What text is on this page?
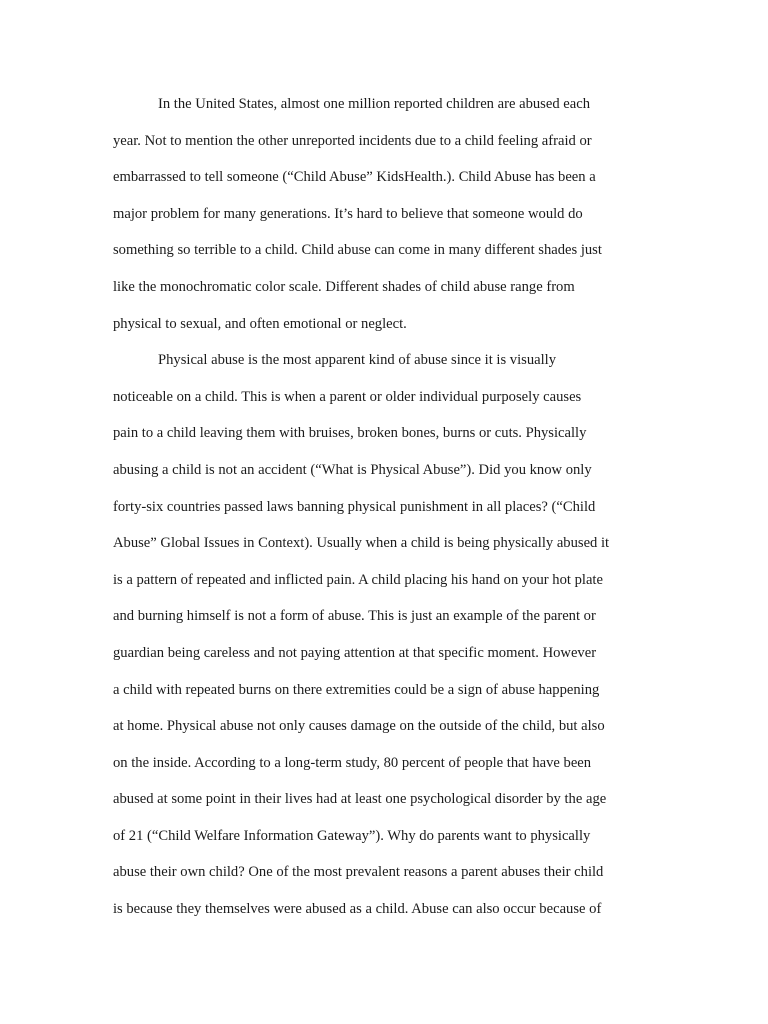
In the United States, almost one million reported children are abused each
year. Not to mention the other unreported incidents due to a child feeling afraid or
embarrassed to tell someone (“Child Abuse” KidsHealth.). Child Abuse has been a
major problem for many generations. It’s hard to believe that someone would do
something so terrible to a child. Child abuse can come in many different shades just
like the monochromatic color scale. Different shades of child abuse range from
physical to sexual, and often emotional or neglect.
Physical abuse is the most apparent kind of abuse since it is visually
noticeable on a child. This is when a parent or older individual purposely causes
pain to a child leaving them with bruises, broken bones, burns or cuts. Physically
abusing a child is not an accident (“What is Physical Abuse”). Did you know only
forty-six countries passed laws banning physical punishment in all places? (“Child
Abuse” Global Issues in Context). Usually when a child is being physically abused it
is a pattern of repeated and inflicted pain. A child placing his hand on your hot plate
and burning himself is not a form of abuse. This is just an example of the parent or
guardian being careless and not paying attention at that specific moment. However
a child with repeated burns on there extremities could be a sign of abuse happening
at home. Physical abuse not only causes damage on the outside of the child, but also
on the inside. According to a long-term study, 80 percent of people that have been
abused at some point in their lives had at least one psychological disorder by the age
of 21 (“Child Welfare Information Gateway”). Why do parents want to physically
abuse their own child? One of the most prevalent reasons a parent abuses their child
is because they themselves were abused as a child. Abuse can also occur because of
